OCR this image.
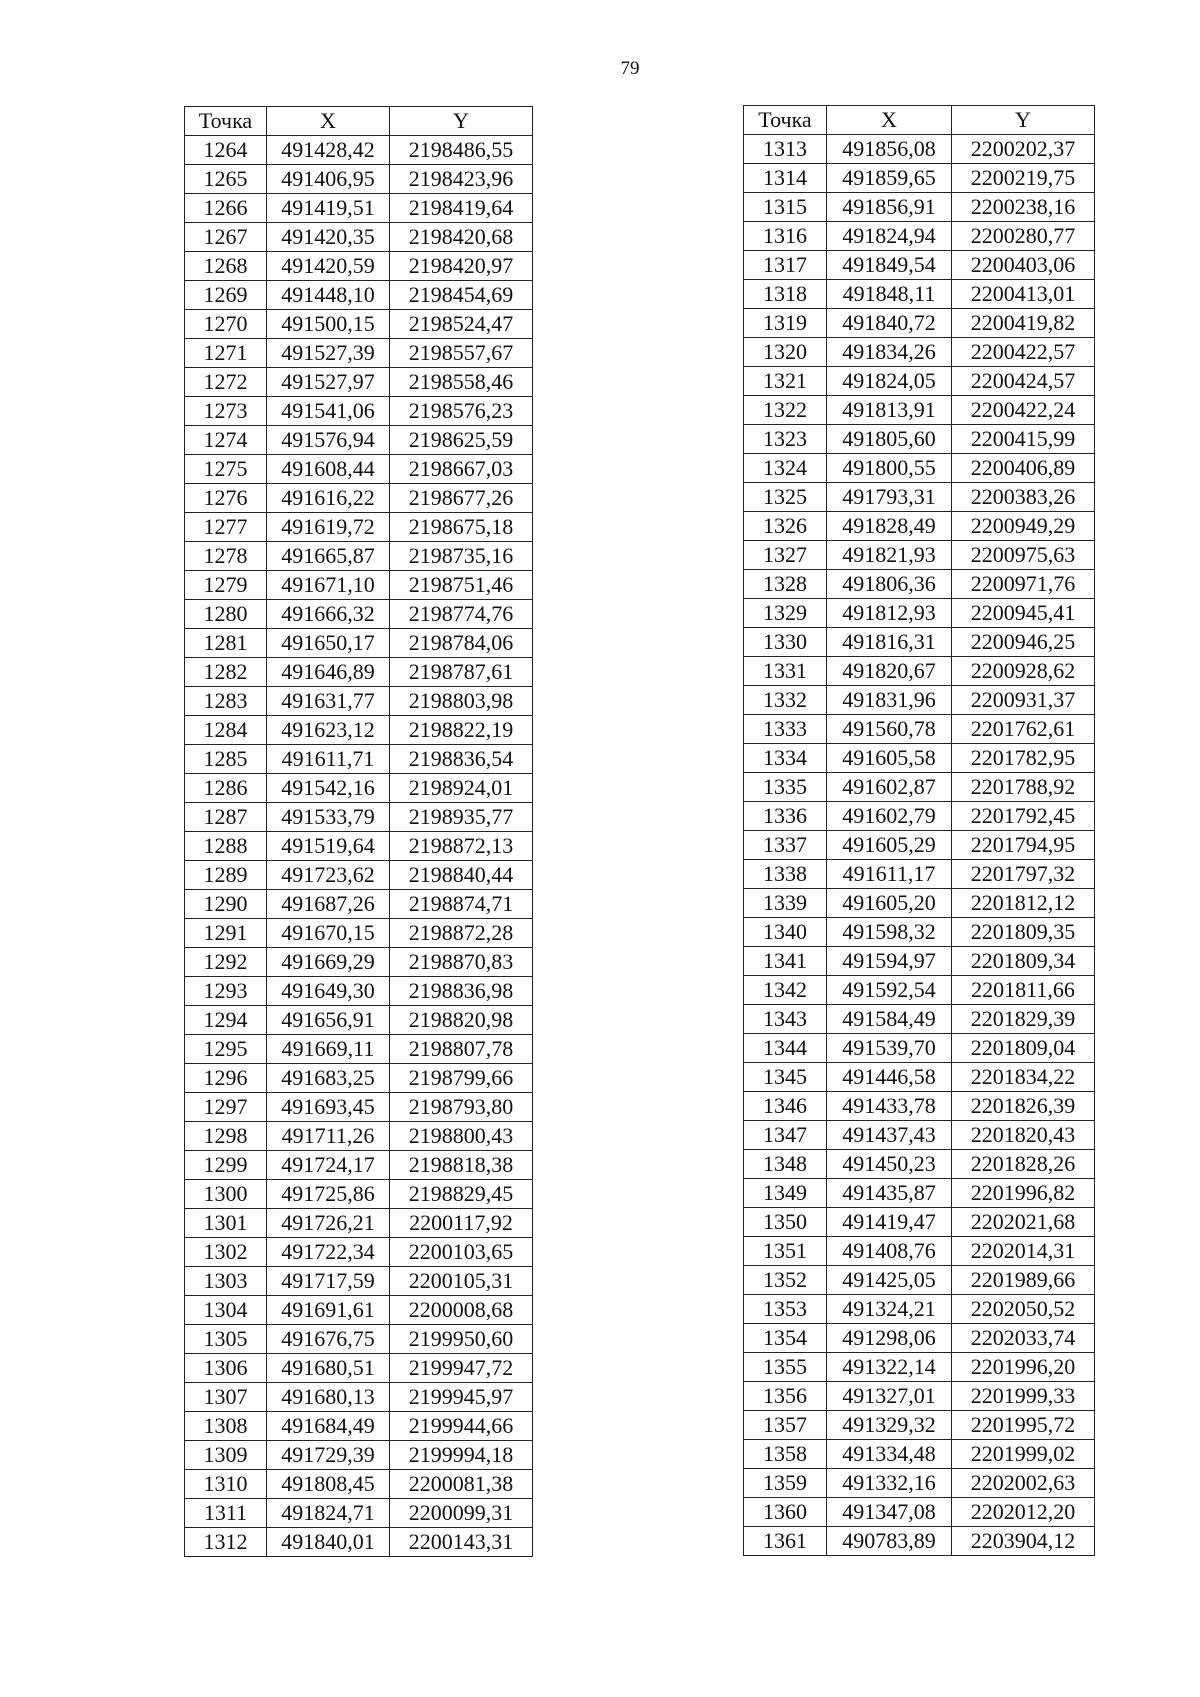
79
Точка	X	Y
1264	491428,42	2198486,55
1265	491406,95	2198423,96
1266	491419,51	2198419,64
1267	491420,35	2198420,68
1268	491420,59	2198420,97
1269	491448,10	2198454,69
1270	491500,15	2198524,47
1271	491527,39	2198557,67
1272	491527,97	2198558,46
1273	491541,06	2198576,23
1274	491576,94	2198625,59
1275	491608,44	2198667,03
1276	491616,22	2198677,26
1277	491619,72	2198675,18
1278	491665,87	2198735,16
1279	491671,10	2198751,46
1280	491666,32	2198774,76
1281	491650,17	2198784,06
1282	491646,89	2198787,61
1283	491631,77	2198803,98
1284	491623,12	2198822,19
1285	491611,71	2198836,54
1286	491542,16	2198924,01
1287	491533,79	2198935,77
1288	491519,64	2198872,13
1289	491723,62	2198840,44
1290	491687,26	2198874,71
1291	491670,15	2198872,28
1292	491669,29	2198870,83
1293	491649,30	2198836,98
1294	491656,91	2198820,98
1295	491669,11	2198807,78
1296	491683,25	2198799,66
1297	491693,45	2198793,80
1298	491711,26	2198800,43
1299	491724,17	2198818,38
1300	491725,86	2198829,45
1301	491726,21	2200117,92
1302	491722,34	2200103,65
1303	491717,59	2200105,31
1304	491691,61	2200008,68
1305	491676,75	2199950,60
1306	491680,51	2199947,72
1307	491680,13	2199945,97
1308	491684,49	2199944,66
1309	491729,39	2199994,18
1310	491808,45	2200081,38
1311	491824,71	2200099,31
1312	491840,01	2200143,31
Точка	X	Y
1313	491856,08	2200202,37
1314	491859,65	2200219,75
1315	491856,91	2200238,16
1316	491824,94	2200280,77
1317	491849,54	2200403,06
1318	491848,11	2200413,01
1319	491840,72	2200419,82
1320	491834,26	2200422,57
1321	491824,05	2200424,57
1322	491813,91	2200422,24
1323	491805,60	2200415,99
1324	491800,55	2200406,89
1325	491793,31	2200383,26
1326	491828,49	2200949,29
1327	491821,93	2200975,63
1328	491806,36	2200971,76
1329	491812,93	2200945,41
1330	491816,31	2200946,25
1331	491820,67	2200928,62
1332	491831,96	2200931,37
1333	491560,78	2201762,61
1334	491605,58	2201782,95
1335	491602,87	2201788,92
1336	491602,79	2201792,45
1337	491605,29	2201794,95
1338	491611,17	2201797,32
1339	491605,20	2201812,12
1340	491598,32	2201809,35
1341	491594,97	2201809,34
1342	491592,54	2201811,66
1343	491584,49	2201829,39
1344	491539,70	2201809,04
1345	491446,58	2201834,22
1346	491433,78	2201826,39
1347	491437,43	2201820,43
1348	491450,23	2201828,26
1349	491435,87	2201996,82
1350	491419,47	2202021,68
1351	491408,76	2202014,31
1352	491425,05	2201989,66
1353	491324,21	2202050,52
1354	491298,06	2202033,74
1355	491322,14	2201996,20
1356	491327,01	2201999,33
1357	491329,32	2201995,72
1358	491334,48	2201999,02
1359	491332,16	2202002,63
1360	491347,08	2202012,20
1361	490783,89	2203904,12
